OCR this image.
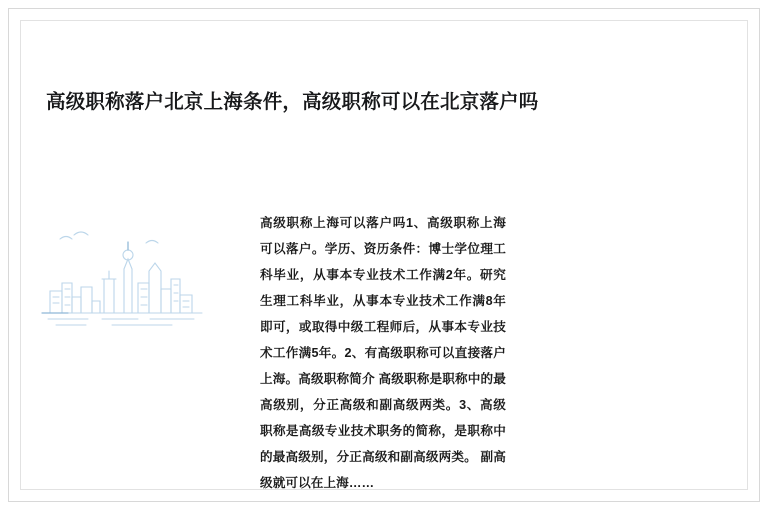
高级职称落户北京上海条件，高级职称可以在北京落户吗
高级职称上海可以落户吗1、高级职称上海可以落户。学历、资历条件：博士学位理工科毕业，从事本专业技术工作满2年。研究生理工科毕业，从事本专业技术工作满8年即可，或取得中级工程师后，从事本专业技术工作满5年。2、有高级职称可以直接落户上海。高级职称简介 高级职称是职称中的最高级别，分正高级和副高级两类。3、高级职称是高级专业技术职务的简称，是职称中的最高级别，分正高级和副高级两类。 副高级就可以在上海……
